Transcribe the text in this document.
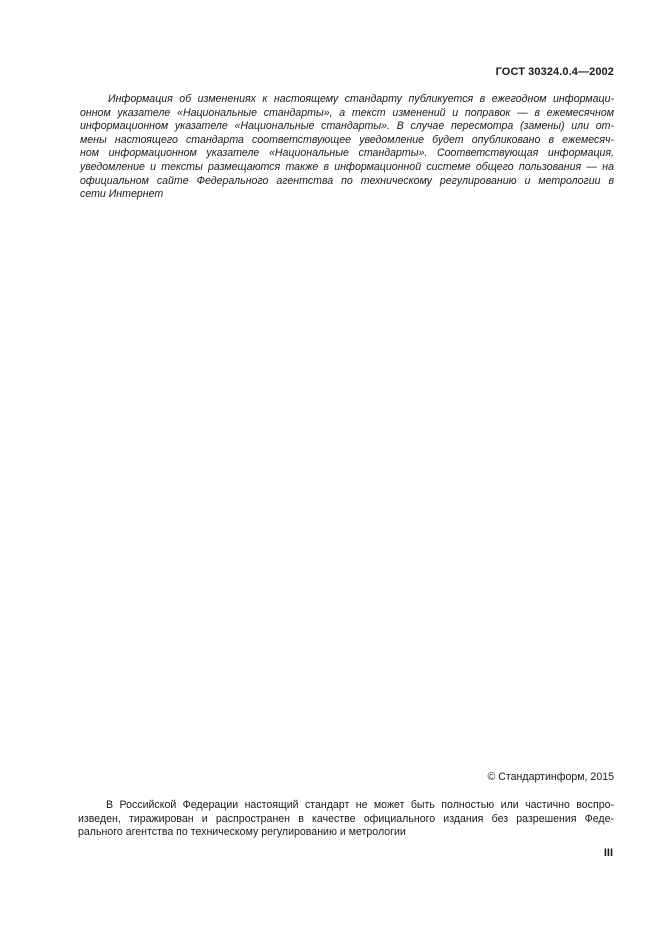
ГОСТ 30324.0.4—2002
Информация об изменениях к настоящему стандарту публикуется в ежегодном информаци-
онном указателе «Национальные стандарты», а текст изменений и поправок — в ежемесячном
информационном указателе «Национальные стандарты». В случае пересмотра (замены) или от-
мены настоящего стандарта соответствующее уведомление будет опубликовано в ежемесяч-
ном информационном указателе «Национальные стандарты». Соответствующая информация,
уведомление и тексты размещаются также в информационной системе общего пользования — на
официальном сайте Федерального агентства по техническому регулированию и метрологии в
сети Интернет
© Стандартинформ, 2015
В Российской Федерации настоящий стандарт не может быть полностью или частично воспро-
изведен, тиражирован и распространен в качестве официального издания без разрешения Феде-
рального агентства по техническому регулированию и метрологии
III
